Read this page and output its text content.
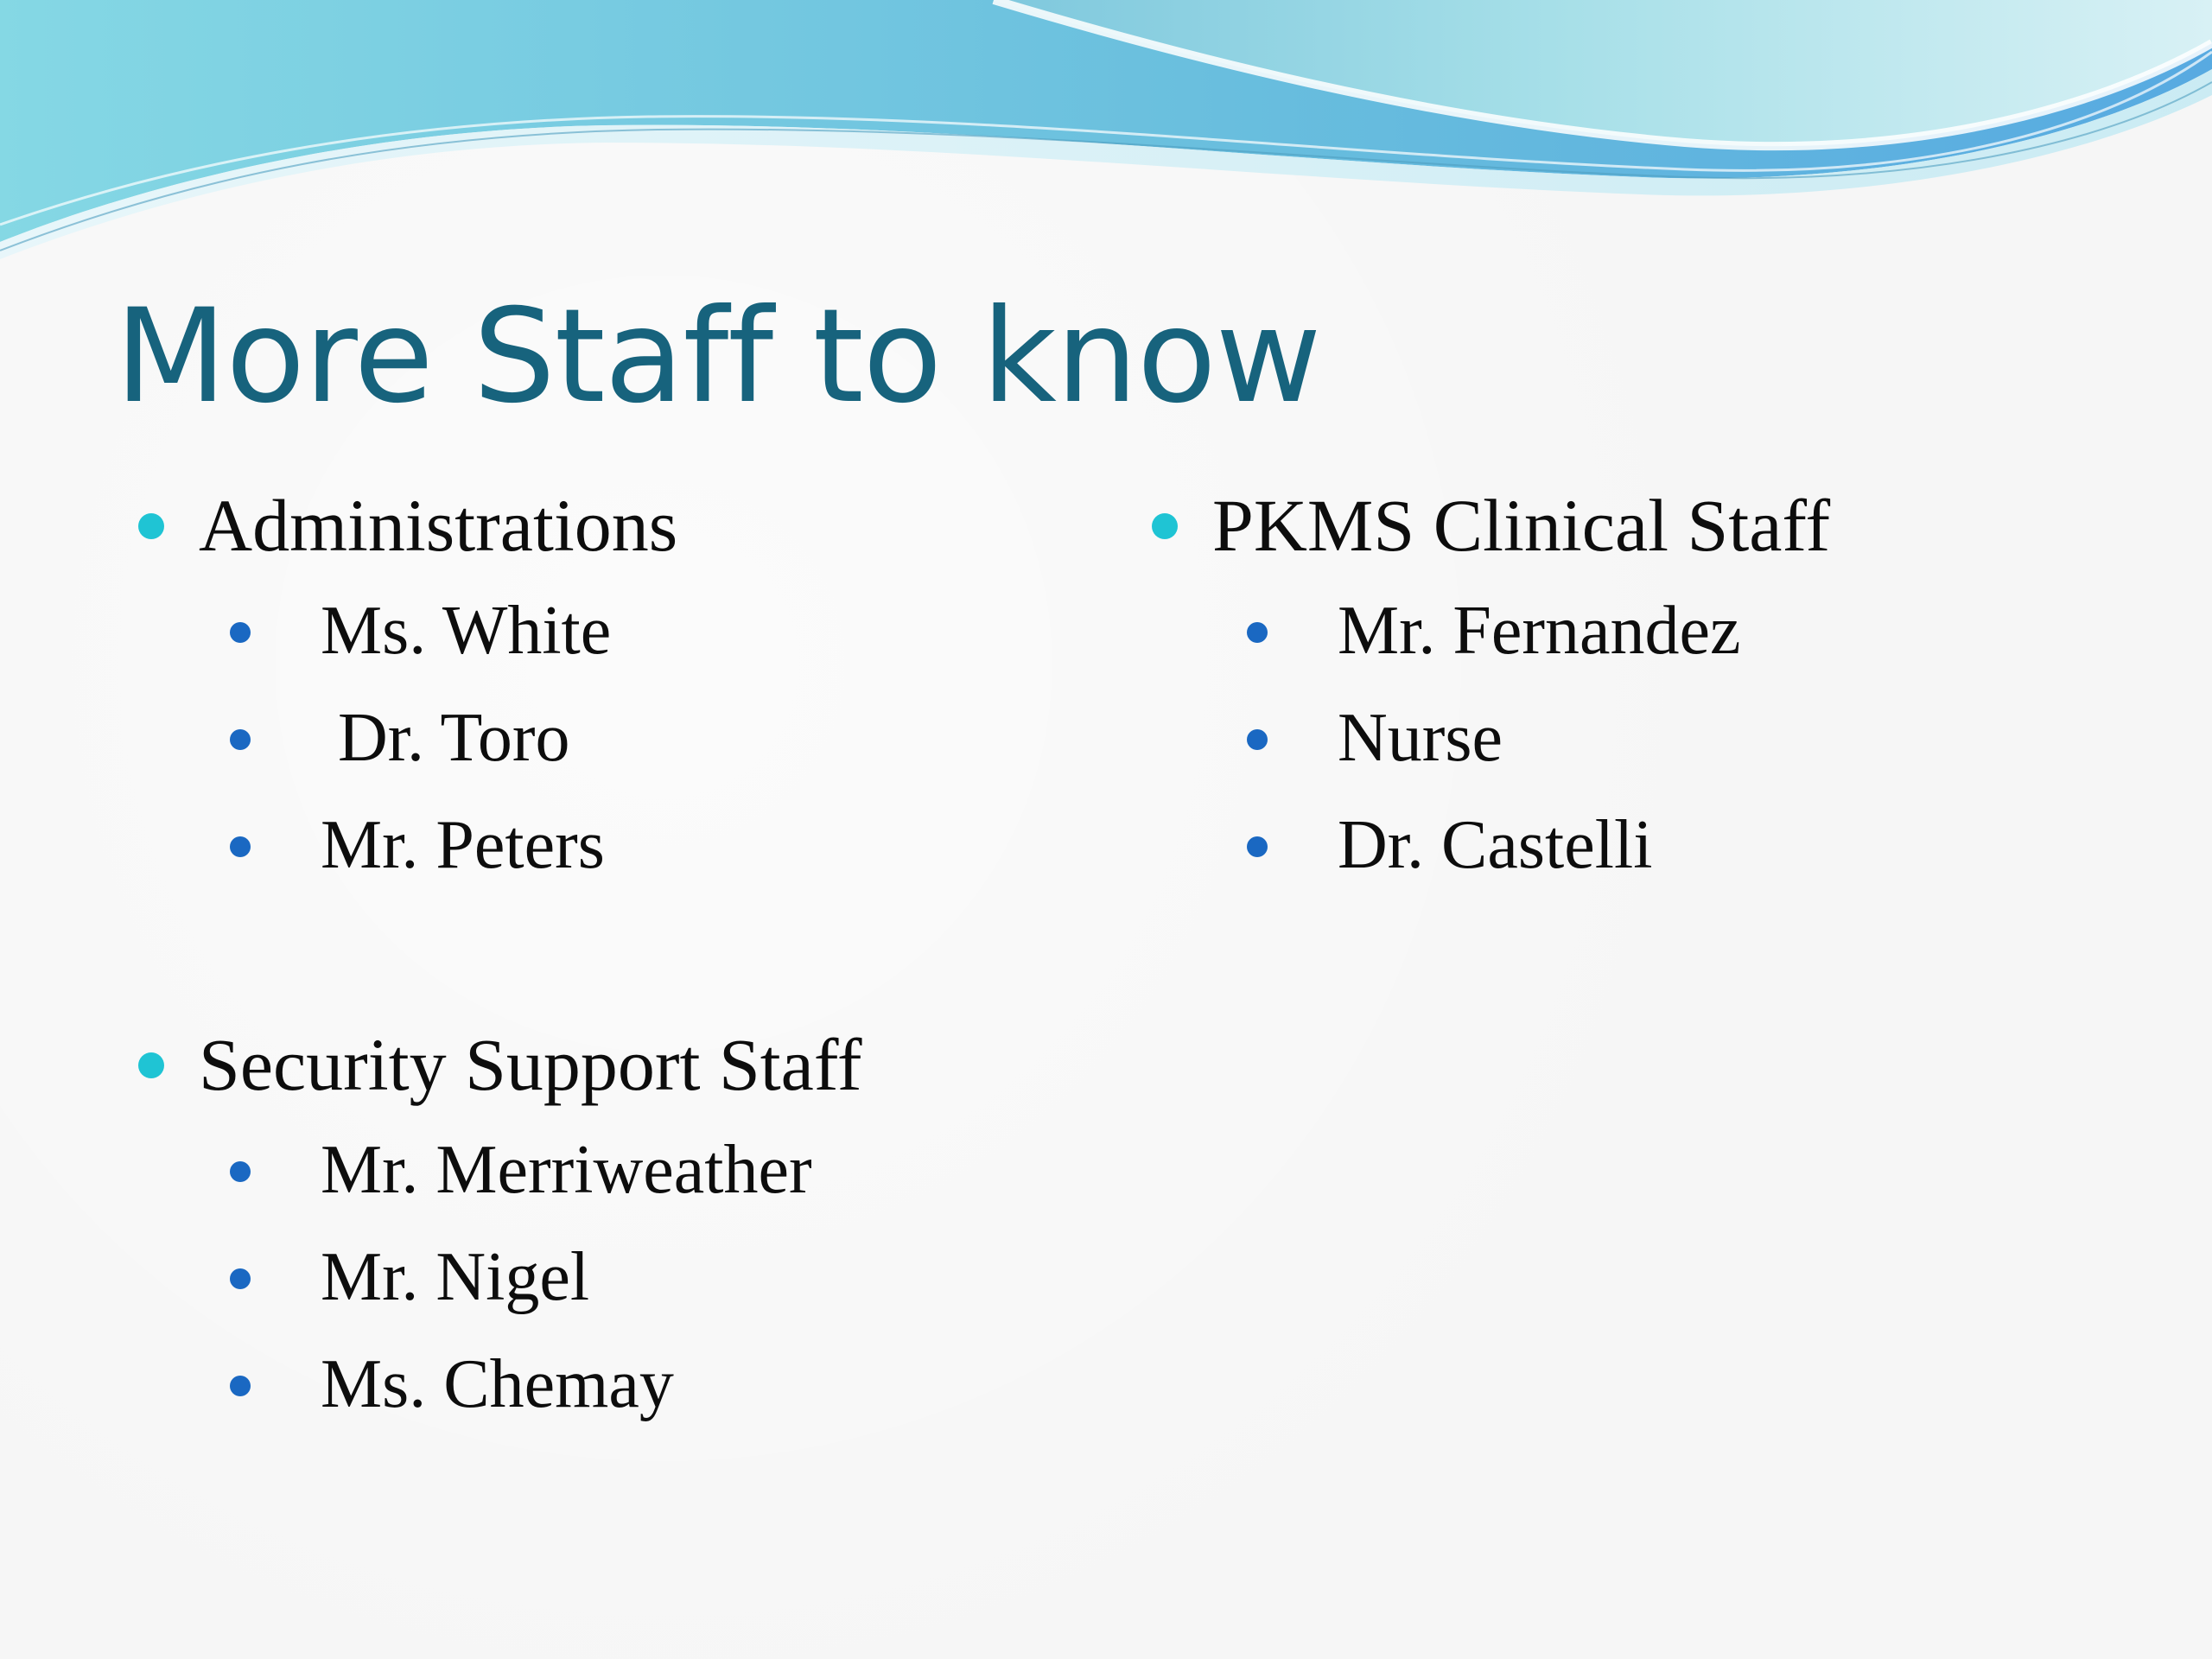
More Staff to know
Administrations
Ms. White
Dr. Toro
Mr. Peters
PKMS Clinical Staff
Mr. Fernandez
Nurse
Dr. Castelli
Security Support Staff
Mr. Merriweather
Mr. Nigel
Ms. Chemay
